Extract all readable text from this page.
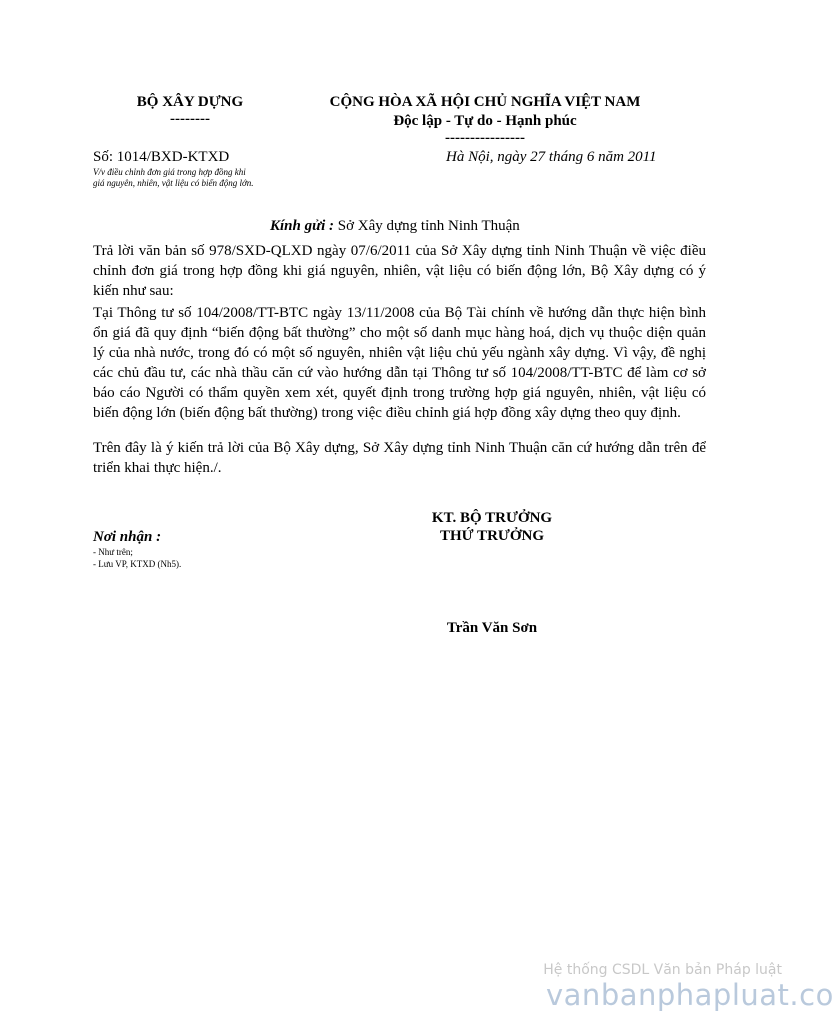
BỘ XÂY DỰNG
--------
CỘNG HÒA XÃ HỘI CHỦ NGHĨA VIỆT NAM
Độc lập - Tự do - Hạnh phúc
----------------
Số: 1014/BXD-KTXD
V/v điều chỉnh đơn giá trong hợp đồng khi
giá nguyên, nhiên, vật liệu có biến động lớn.
Hà Nội, ngày 27 tháng 6 năm 2011
Kính gửi : Sở Xây dựng tỉnh Ninh Thuận
Trả lời văn bản số 978/SXD-QLXD ngày 07/6/2011 của Sở Xây dựng tỉnh Ninh Thuận về việc điều chỉnh đơn giá trong hợp đồng khi giá nguyên, nhiên, vật liệu có biến động lớn, Bộ Xây dựng có ý kiến như sau:
Tại Thông tư số 104/2008/TT-BTC ngày 13/11/2008 của Bộ Tài chính về hướng dẫn thực hiện bình ổn giá đã quy định “biến động bất thường” cho một số danh mục hàng hoá, dịch vụ thuộc diện quản lý của nhà nước, trong đó có một số nguyên, nhiên vật liệu chủ yếu ngành xây dựng. Vì vậy, đề nghị các chủ đầu tư, các nhà thầu căn cứ vào hướng dẫn tại Thông tư số 104/2008/TT-BTC để làm cơ sở báo cáo Người có thẩm quyền xem xét, quyết định trong trường hợp giá nguyên, nhiên, vật liệu có biến động lớn (biến động bất thường) trong việc điều chỉnh giá hợp đồng xây dựng theo quy định.
Trên đây là ý kiến trả lời của Bộ Xây dựng, Sở Xây dựng tỉnh Ninh Thuận căn cứ hướng dẫn trên để triển khai thực hiện./.
Nơi nhận :
- Như trên;
- Lưu VP, KTXD (Nh5).
KT. BỘ TRƯỞNG
THỨ TRƯỞNG
Trần Văn Sơn
Hệ thống CSDL Văn bản Pháp luật
vanbanphapluat.co
